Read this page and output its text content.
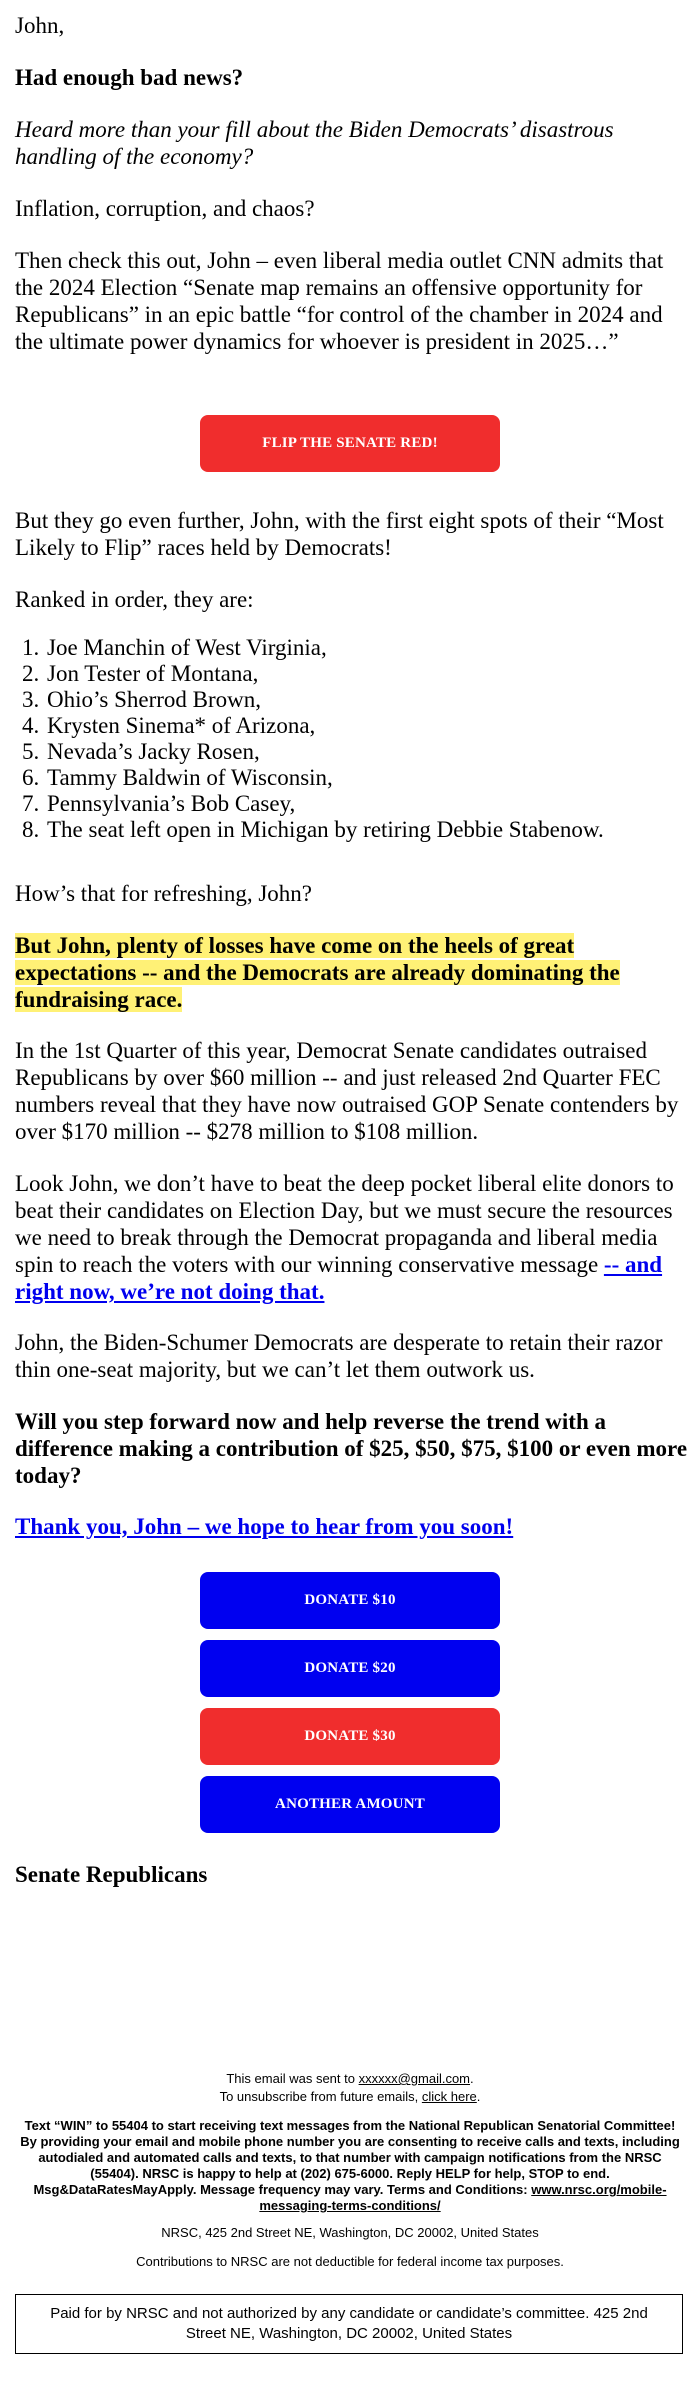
John,

Had enough bad news?

Heard more than your fill about the Biden Democrats’ disastrous handling of the economy?

Inflation, corruption, and chaos?

Then check this out, John – even liberal media outlet CNN admits that the 2024 Election “Senate map remains an offensive opportunity for Republicans” in an epic battle “for control of the chamber in 2024 and the ultimate power dynamics for whoever is president in 2025…”

FLIP THE SENATE RED!

But they go even further, John, with the first eight spots of their “Most Likely to Flip” races held by Democrats!

Ranked in order, they are:

1. Joe Manchin of West Virginia,
2. Jon Tester of Montana,
3. Ohio’s Sherrod Brown,
4. Krysten Sinema* of Arizona,
5. Nevada’s Jacky Rosen,
6. Tammy Baldwin of Wisconsin,
7. Pennsylvania’s Bob Casey,
8. The seat left open in Michigan by retiring Debbie Stabenow.

How’s that for refreshing, John?

But John, plenty of losses have come on the heels of great expectations -- and the Democrats are already dominating the fundraising race.

In the 1st Quarter of this year, Democrat Senate candidates outraised Republicans by over $60 million -- and just released 2nd Quarter FEC numbers reveal that they have now outraised GOP Senate contenders by over $170 million -- $278 million to $108 million.

Look John, we don’t have to beat the deep pocket liberal elite donors to beat their candidates on Election Day, but we must secure the resources we need to break through the Democrat propaganda and liberal media spin to reach the voters with our winning conservative message -- and right now, we’re not doing that.

John, the Biden-Schumer Democrats are desperate to retain their razor thin one-seat majority, but we can’t let them outwork us.

Will you step forward now and help reverse the trend with a difference making a contribution of $25, $50, $75, $100 or even more today?

Thank you, John – we hope to hear from you soon!

DONATE $10
DONATE $20
DONATE $30
ANOTHER AMOUNT

Senate Republicans

This email was sent to xxxxxx@gmail.com.

To unsubscribe from future emails, click here.

Text “WIN” to 55404 to start receiving text messages from the National Republican Senatorial Committee! By providing your email and mobile phone number you are consenting to receive calls and texts, including autodialed and automated calls and texts, to that number with campaign notifications from the NRSC (55404). NRSC is happy to help at (202) 675-6000. Reply HELP for help, STOP to end. Msg&DataRatesMayApply. Message frequency may vary. Terms and Conditions: www.nrsc.org/mobile-messaging-terms-conditions/

NRSC, 425 2nd Street NE, Washington, DC 20002, United States

Contributions to NRSC are not deductible for federal income tax purposes.

Paid for by NRSC and not authorized by any candidate or candidate’s committee. 425 2nd Street NE, Washington, DC 20002, United States
